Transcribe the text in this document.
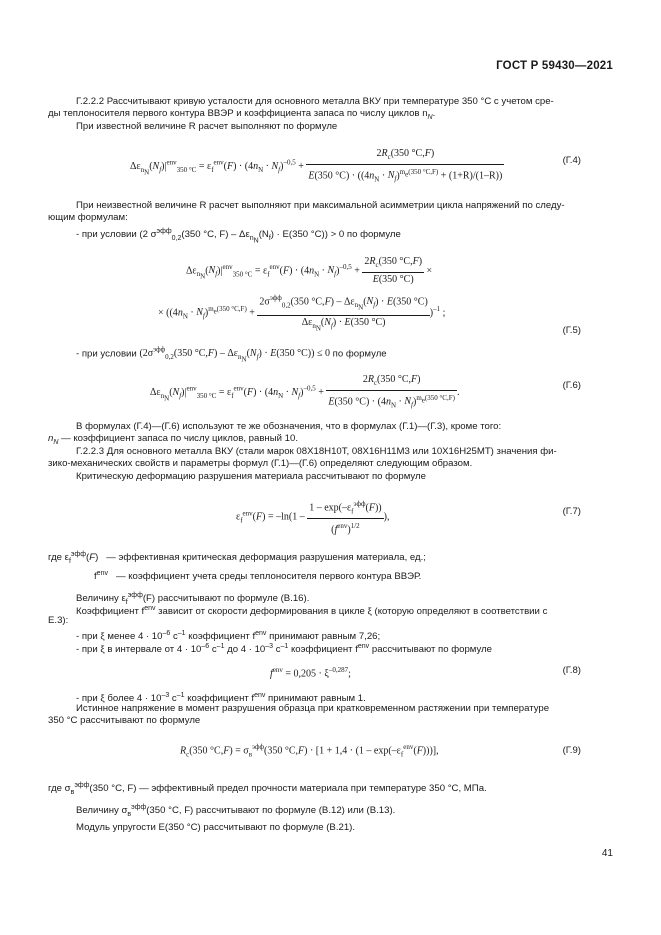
ГОСТ Р 59430—2021
Г.2.2.2 Рассчитывают кривую усталости для основного металла ВКУ при температуре 350 °С с учетом сре-
ды теплоносителя первого контура ВВЭР и коэффициента запаса по числу циклов $n_N$.
При известной величине R расчет выполняют по формуле
$\Delta\varepsilon_{n_N}(N_f)|^{env}_{350 ^\circ C} = \varepsilon_f^{env}(F) \cdot (4n_N \cdot N_f)^{-0,5} + \frac{2R_c(350 ^\circ C,F)}{E(350 ^\circ C) \cdot ((4n_N \cdot N_f)^{m_e(350 ^\circ C,F)} + (1+R)/(1-R))}$	(Г.4)
При неизвестной величине R расчет выполняют при максимальной асимметрии цикла напряжений по следу-
ющим формулам:
- при условии (2 $\sigma^{эфф}_{0,2}(350$ °С, $F) - \Delta\varepsilon_{n_N}(N_f) \cdot E(350$ °С)) > 0 по формуле
$\Delta\varepsilon_{n_N}(N_f)|^{env}_{350 ^\circ C} = \varepsilon_f^{env}(F) \cdot (4n_N \cdot N_f)^{-0,5} + \frac{2R_c(350 ^\circ C,F)}{E(350 ^\circ C)}$ ×
× $((4n_N \cdot N_f)^{m_e(350 ^\circ C,F)} + \frac{2\sigma^{эфф}_{0,2}(350 ^\circ C,F) - \Delta\varepsilon_{n_N}(N_f) \cdot E(350 ^\circ C)}{\Delta\varepsilon_{n_N}(N_f) \cdot E(350 ^\circ C)} )^{-1}$ ;
(Г.5)
- при условии ($2\sigma^{эфф}_{0,2}(350$ $^\circ C,F) - \Delta\varepsilon_{n_N}(N_f) \cdot E(350$ °C)) ≤ 0 по формуле
$\Delta\varepsilon_{n_N}(N_f)|^{env}_{350 ^\circ C} = \varepsilon_f^{env}(F) \cdot (4n_N \cdot N_f)^{-0,5} + \frac{2R_c(350 ^\circ C,F)}{E(350 ^\circ C) \cdot (4n_N \cdot N_f)^{m_e(350 ^\circ C,F)}}$ .
(Г.6)
В формулах (Г.4)—(Г.6) используют те же обозначения, что в формулах (Г.1)—(Г.3), кроме того:
$n_N$ — коэффициент запаса по числу циклов, равный 10.
Г.2.2.3 Для основного металла ВКУ (стали марок 08Х18Н10Т, 08Х16Н11М3 или 10Х16Н25МТ) значения фи-
зико-механических свойств и параметры формул (Г.1)—(Г.6) определяют следующим образом.
Критическую деформацию разрушения материала рассчитывают по формуле
$\varepsilon_f^{env}(F) = -\ln(1 - \frac{1 - \exp(-\varepsilon_f^{эфф}(F))}{(f^{env})^{1/2}}$ ),
(Г.7)
где $\varepsilon_f^{эфф}(F)$   — эффективная критическая деформация разрушения материала, ед.;
$f^{env}$ — коэффициент учета среды теплоносителя первого контура ВВЭР.
Величину $\varepsilon_f^{эфф}(F)$ рассчитывают по формуле (В.16).
Коэффициент $f^{env}$ зависит от скорости деформирования в цикле ξ (которую определяют в соответствии с
Е.3):
- при ξ менее $4 \cdot 10^{-6}$ $с^{-1}$ коэффициент $f^{env}$ принимают равным 7,26;
- при ξ в интервале от $4 \cdot 10^{-6}$ $с^{-1}$ до $4 \cdot 10^{-3}$ $с^{-1}$ коэффициент $f^{env}$ рассчитывают по формуле
$f^{env} = 0,205 \cdot \xi^{-0,287}$;	(Г.8)
- при ξ более $4 \cdot 10^{-3}$ $с^{-1}$ коэффициент $f^{env}$ принимают равным 1.
Истинное напряжение в момент разрушения образца при кратковременном растяжении при температуре
350 °С рассчитывают по формуле
$R_c(350$ $^\circ C,F) = \sigma_в^{эфф}(350$ $^\circ C,F) \cdot [1 + 1,4 \cdot (1 - \exp(-\varepsilon_f^{env}(F)))]$,	(Г.9)
где $\sigma_в^{эфф}(350$ °С, F) — эффективный предел прочности материала при температуре 350 °С, МПа.
Величину $\sigma_в^{эфф}(350$ °С, F) рассчитывают по формуле (В.12) или (В.13).
Модуль упругости E(350 °С) рассчитывают по формуле (В.21).
41
